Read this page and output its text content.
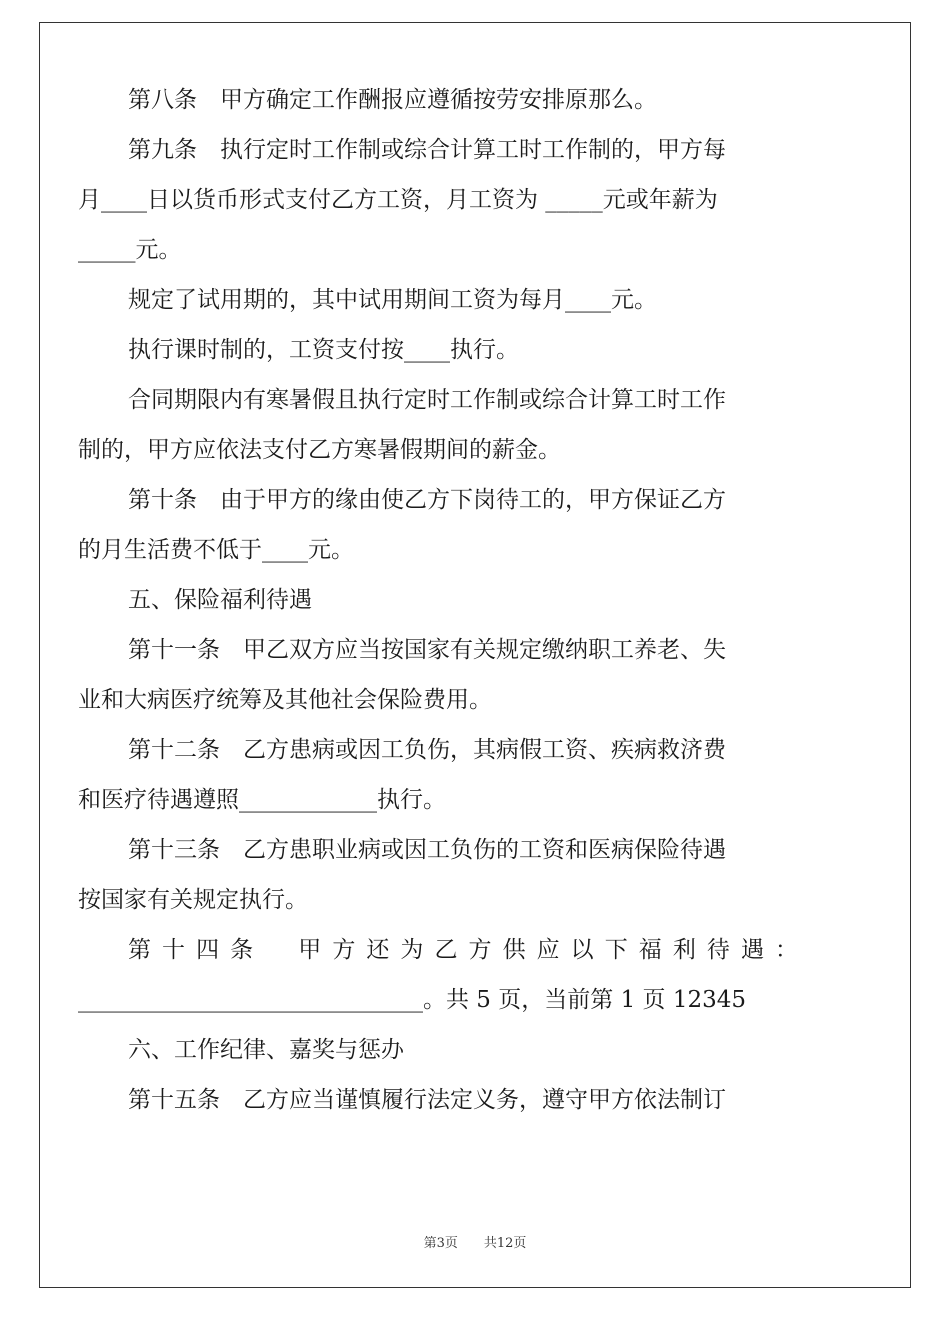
第八条　甲方确定工作酬报应遵循按劳安排原那么。
第九条　执行定时工作制或综合计算工时工作制的，甲方每
月____日以货币形式支付乙方工资，月工资为 _____元或年薪为
_____元。
规定了试用期的，其中试用期间工资为每月____元。
执行课时制的，工资支付按____执行。
合同期限内有寒暑假且执行定时工作制或综合计算工时工作
制的，甲方应依法支付乙方寒暑假期间的薪金。
第十条　由于甲方的缘由使乙方下岗待工的，甲方保证乙方
的月生活费不低于____元。
五、保险福利待遇
第十一条　甲乙双方应当按国家有关规定缴纳职工养老、失
业和大病医疗统筹及其他社会保险费用。
第十二条　乙方患病或因工负伤，其病假工资、疾病救济费
和医疗待遇遵照____________执行。
第十三条　乙方患职业病或因工负伤的工资和医病保险待遇
按国家有关规定执行。
第十四条　甲方还为乙方供应以下福利待遇：
______________________________。共 5 页，当前第 1 页 12345
六、工作纪律、嘉奖与惩办
第十五条　乙方应当谨慎履行法定义务，遵守甲方依法制订
第3页　　共12页
